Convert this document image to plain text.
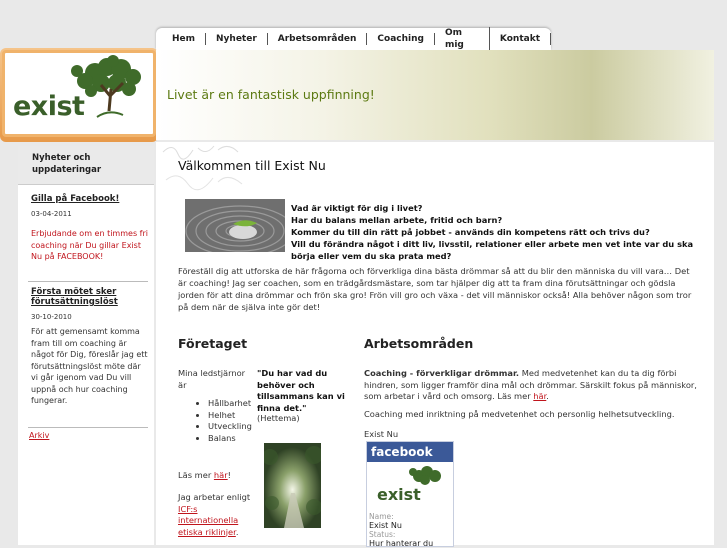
Hem	Nyheter	Arbetsområden	Coaching
Om mig
Kontakt
exist	Livet är en fantastisk uppfinning!
Nyheter och uppdateringar
Gilla på Facebook!
03-04-2011
Erbjudande om en timmes fri coaching när Du gillar Exist Nu på FACEBOOK!
Första mötet sker förutsättningslöst
30-10-2010
För att gemensamt komma fram till om coaching är något för Dig, föreslår jag ett förutsättningslöst möte där vi går igenom vad Du vill uppnå och hur coaching fungerar.
Arkiv
Välkommen till Exist Nu
Vad är viktigt för dig i livet?
Har du balans mellan arbete, fritid och barn?
Kommer du till din rätt på jobbet - används din kompetens rätt och trivs du?
Vill du förändra något i ditt liv, livsstil, relationer eller arbete men vet inte var du ska börja eller vem du ska prata med?
Föreställ dig att utforska de här frågorna och förverkliga dina bästa drömmar så att du blir den människa du vill vara… Det är coaching! Jag ser coachen, som en trädgårdsmästare, som tar hjälper dig att ta fram dina förutsättningar och gödsla jorden för att dina drömmar och frön ska gro! Frön vill gro och växa - det vill människor också! Alla behöver någon som tror på dem när de själva inte gör det!
Företaget
Mina ledstjärnor är
• Hållbarhet
• Helhet
• Utveckling
• Balans
Läs mer här!
Jag arbetar enligt ICF:s internationella etiska riklinjer.
"Du har vad du behöver och tillsammans kan vi finna det."
(Hettema)
Arbetsområden
Coaching - förverkligar drömmar. Med medvetenhet kan du ta dig förbi hindren, som ligger framför dina mål och drömmar. Särskilt fokus på människor, som arbetar i vård och omsorg. Läs mer här.
Coaching med inriktning på medvetenhet och personlig helhetsutveckling.
Exist Nu
facebook
exist
Name:
Exist Nu
Status:
Hur hanterar du
